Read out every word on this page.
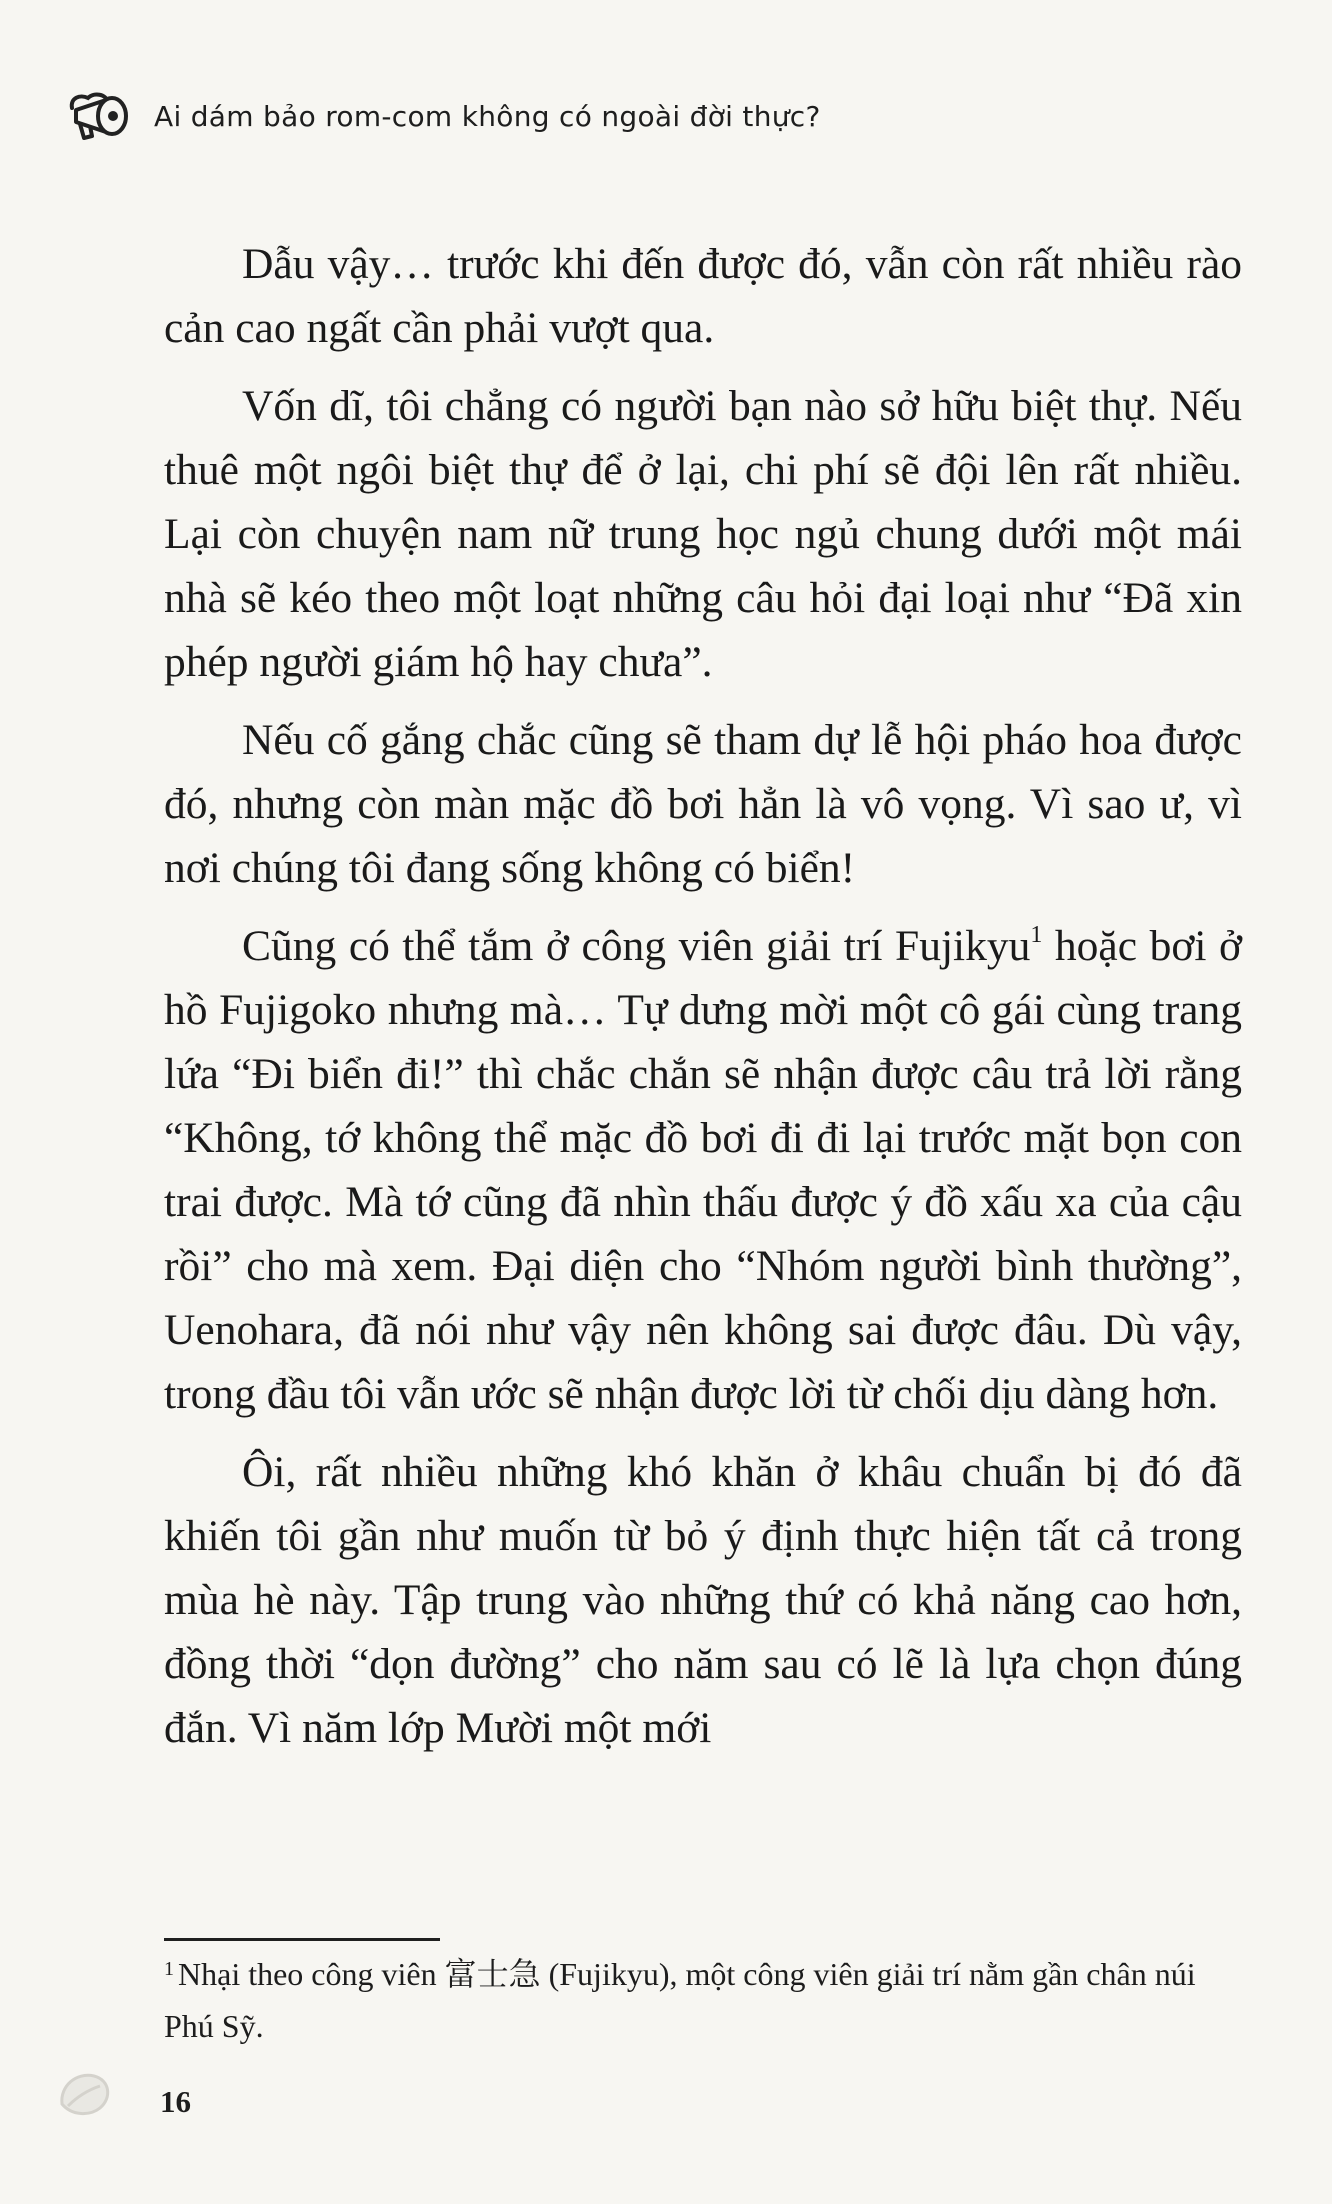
Ai dám bảo rom-com không có ngoài đời thực?

Dẫu vậy… trước khi đến được đó, vẫn còn rất nhiều rào cản cao ngất cần phải vượt qua.

Vốn dĩ, tôi chẳng có người bạn nào sở hữu biệt thự. Nếu thuê một ngôi biệt thự để ở lại, chi phí sẽ đội lên rất nhiều. Lại còn chuyện nam nữ trung học ngủ chung dưới một mái nhà sẽ kéo theo một loạt những câu hỏi đại loại như “Đã xin phép người giám hộ hay chưa”.

Nếu cố gắng chắc cũng sẽ tham dự lễ hội pháo hoa được đó, nhưng còn màn mặc đồ bơi hẳn là vô vọng. Vì sao ư, vì nơi chúng tôi đang sống không có biển!

Cũng có thể tắm ở công viên giải trí Fujikyu$^1$ hoặc bơi ở hồ Fujigoko nhưng mà… Tự dưng mời một cô gái cùng trang lứa “Đi biển đi!” thì chắc chắn sẽ nhận được câu trả lời rằng “Không, tớ không thể mặc đồ bơi đi đi lại trước mặt bọn con trai được. Mà tớ cũng đã nhìn thấu được ý đồ xấu xa của cậu rồi” cho mà xem. Đại diện cho “Nhóm người bình thường”, Uenohara, đã nói như vậy nên không sai được đâu. Dù vậy, trong đầu tôi vẫn ước sẽ nhận được lời từ chối dịu dàng hơn.

Ôi, rất nhiều những khó khăn ở khâu chuẩn bị đó đã khiến tôi gần như muốn từ bỏ ý định thực hiện tất cả trong mùa hè này. Tập trung vào những thứ có khả năng cao hơn, đồng thời “dọn đường” cho năm sau có lẽ là lựa chọn đúng đắn. Vì năm lớp Mười một mới

$^1$ Nhại theo công viên 富士急 (Fujikyu), một công viên giải trí nằm gần chân núi Phú Sỹ.
16
